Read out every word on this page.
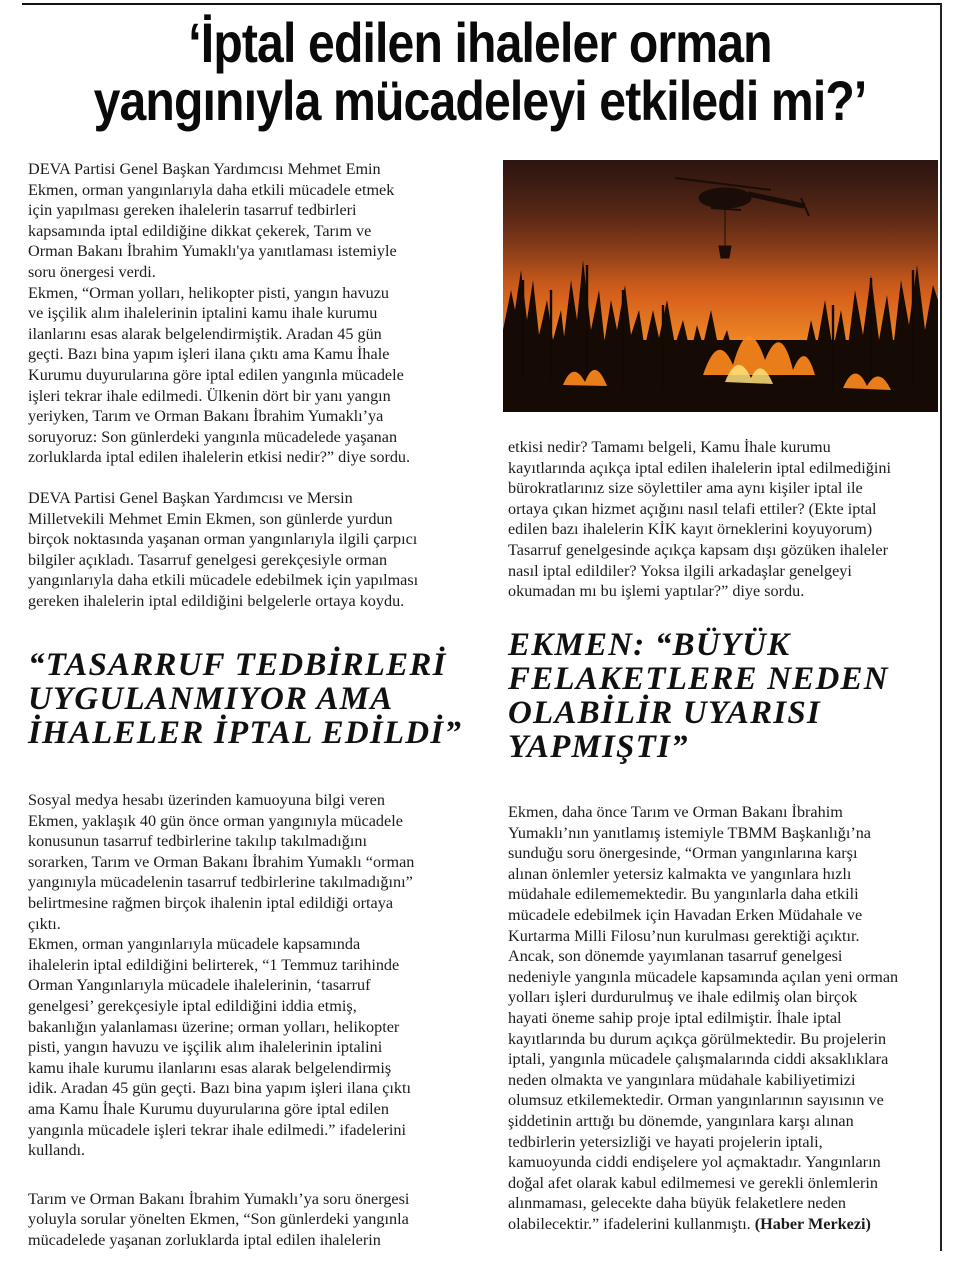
‘İptal edilen ihaleler orman
yangınıyla mücadeleyi etkiledi mi?’

DEVA Partisi Genel Başkan Yardımcısı Mehmet Emin

Ekmen, orman yangınlarıyla daha etkili mücadele etmek

için yapılması gereken ihalelerin tasarruf tedbirleri

kapsamında iptal edildiğine dikkat çekerek, Tarım ve

Orman Bakanı İbrahim Yumaklı'ya yanıtlaması istemiyle

soru önergesi verdi.

Ekmen, “Orman yolları, helikopter pisti, yangın havuzu

ve işçilik alım ihalelerinin iptalini kamu ihale kurumu

ilanlarını esas alarak belgelendirmiştik. Aradan 45 gün

geçti. Bazı bina yapım işleri ilana çıktı ama Kamu İhale

Kurumu duyurularına göre iptal edilen yangınla mücadele

işleri tekrar ihale edilmedi. Ülkenin dört bir yanı yangın

yeriyken, Tarım ve Orman Bakanı İbrahim Yumaklı’ya

soruyoruz: Son günlerdeki yangınla mücadelede yaşanan

zorluklarda iptal edilen ihalelerin etkisi nedir?” diye sordu.

DEVA Partisi Genel Başkan Yardımcısı ve Mersin

Milletvekili Mehmet Emin Ekmen, son günlerde yurdun

birçok noktasında yaşanan orman yangınlarıyla ilgili çarpıcı

bilgiler açıkladı. Tasarruf genelgesi gerekçesiyle orman

yangınlarıyla daha etkili mücadele edebilmek için yapılması

gereken ihalelerin iptal edildiğini belgelerle ortaya koydu.

“TASARRUF TEDBİRLERİ
UYGULANMIYOR AMA
İHALELER İPTAL EDİLDİ”

Sosyal medya hesabı üzerinden kamuoyuna bilgi veren

Ekmen, yaklaşık 40 gün önce orman yangınıyla mücadele

konusunun tasarruf tedbirlerine takılıp takılmadığını

sorarken, Tarım ve Orman Bakanı İbrahim Yumaklı “orman

yangınıyla mücadelenin tasarruf tedbirlerine takılmadığını”

belirtmesine rağmen birçok ihalenin iptal edildiği ortaya

çıktı.

Ekmen, orman yangınlarıyla mücadele kapsamında

ihalelerin iptal edildiğini belirterek, “1 Temmuz tarihinde

Orman Yangınlarıyla mücadele ihalelerinin, ‘tasarruf

genelgesi’ gerekçesiyle iptal edildiğini iddia etmiş,

bakanlığın yalanlaması üzerine; orman yolları, helikopter

pisti, yangın havuzu ve işçilik alım ihalelerinin iptalini

kamu ihale kurumu ilanlarını esas alarak belgelendirmiş

idik. Aradan 45 gün geçti. Bazı bina yapım işleri ilana çıktı

ama Kamu İhale Kurumu duyurularına göre iptal edilen

yangınla mücadele işleri tekrar ihale edilmedi.” ifadelerini

kullandı.

Tarım ve Orman Bakanı İbrahim Yumaklı’ya soru önergesi

yoluyla sorular yönelten Ekmen, “Son günlerdeki yangınla

mücadelede yaşanan zorluklarda iptal edilen ihalelerin

etkisi nedir? Tamamı belgeli, Kamu İhale kurumu

kayıtlarında açıkça iptal edilen ihalelerin iptal edilmediğini

bürokratlarınız size söylettiler ama aynı kişiler iptal ile

ortaya çıkan hizmet açığını nasıl telafi ettiler? (Ekte iptal

edilen bazı ihalelerin KİK kayıt örneklerini koyuyorum)

Tasarruf genelgesinde açıkça kapsam dışı gözüken ihaleler

nasıl iptal edildiler? Yoksa ilgili arkadaşlar genelgeyi

okumadan mı bu işlemi yaptılar?” diye sordu.

EKMEN: “BÜYÜK
FELAKETLERE NEDEN
OLABİLİR UYARISI
YAPMIŞTI”

Ekmen, daha önce Tarım ve Orman Bakanı İbrahim

Yumaklı’nın yanıtlamış istemiyle TBMM Başkanlığı’na

sunduğu soru önergesinde, “Orman yangınlarına karşı

alınan önlemler yetersiz kalmakta ve yangınlara hızlı

müdahale edilememektedir. Bu yangınlarla daha etkili

mücadele edebilmek için Havadan Erken Müdahale ve

Kurtarma Milli Filosu’nun kurulması gerektiği açıktır.

Ancak, son dönemde yayımlanan tasarruf genelgesi

nedeniyle yangınla mücadele kapsamında açılan yeni orman

yolları işleri durdurulmuş ve ihale edilmiş olan birçok

hayati öneme sahip proje iptal edilmiştir. İhale iptal

kayıtlarında bu durum açıkça görülmektedir. Bu projelerin

iptali, yangınla mücadele çalışmalarında ciddi aksaklıklara

neden olmakta ve yangınlara müdahale kabiliyetimizi

olumsuz etkilemektedir. Orman yangınlarının sayısının ve

şiddetinin arttığı bu dönemde, yangınlara karşı alınan

tedbirlerin yetersizliği ve hayati projelerin iptali,

kamuoyunda ciddi endişelere yol açmaktadır. Yangınların

doğal afet olarak kabul edilmemesi ve gerekli önlemlerin

alınmaması, gelecekte daha büyük felaketlere neden

olabilecektir.” ifadelerini kullanmıştı. (Haber Merkezi)
